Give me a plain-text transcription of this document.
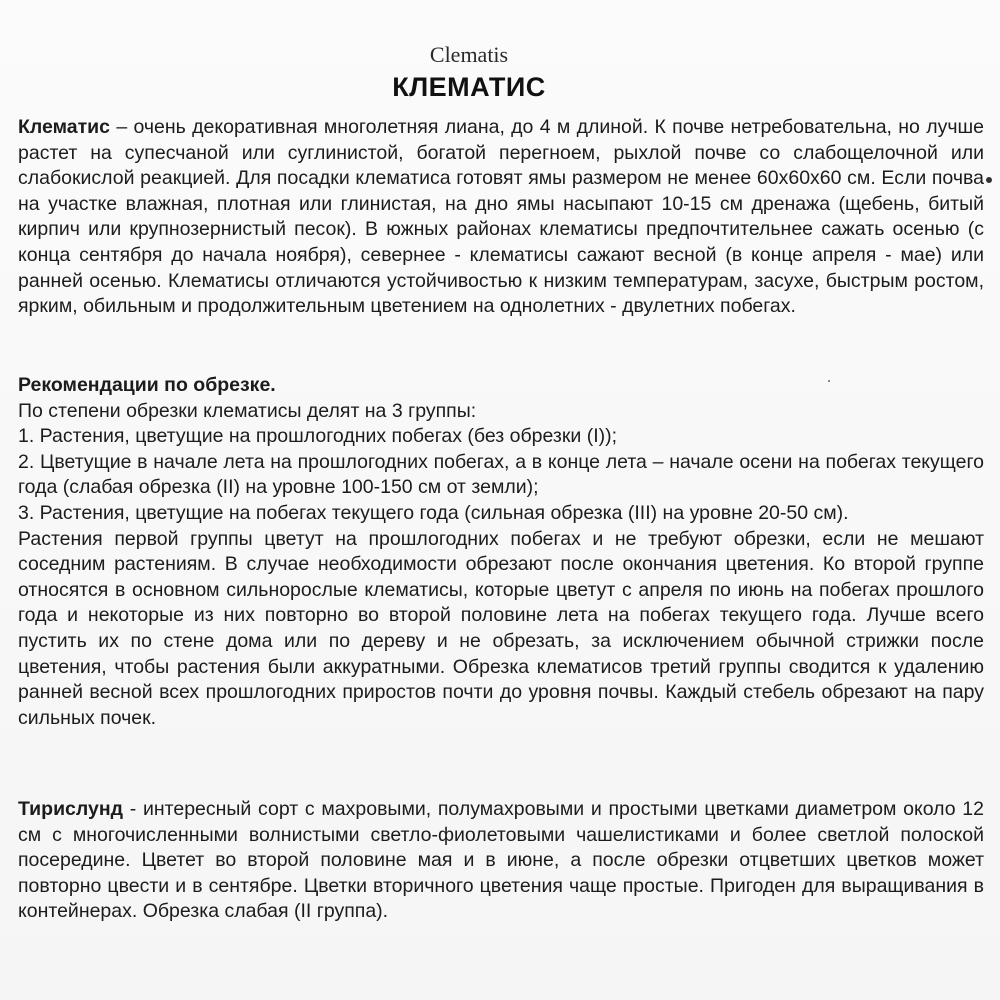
Clematis
КЛЕМАТИС
Клематис – очень декоративная многолетняя лиана, до 4 м длиной. К почве нетребовательна, но лучше растет на супесчаной или суглинистой, богатой перегноем, рыхлой почве со слабощелочной или слабокислой реакцией. Для посадки клематиса готовят ямы размером не менее 60х60х60 см. Если почва на участке влажная, плотная или глинистая, на дно ямы насыпают 10-15 см дренажа (щебень, битый кирпич или крупнозернистый песок). В южных районах клематисы предпочтительнее сажать осенью (с конца сентября до начала ноября), севернее - клематисы сажают весной (в конце апреля - мае) или ранней осенью. Клематисы отличаются устойчивостью к низким температурам, засухе, быстрым ростом, ярким, обильным и продолжительным цветением на однолетних - двулетних побегах.

Рекомендации по обрезке.

По степени обрезки клематисы делят на 3 группы:

1. Растения, цветущие на прошлогодних побегах (без обрезки (I));

2. Цветущие в начале лета на прошлогодних побегах, а в конце лета – начале осени на побегах текущего года (слабая обрезка (II) на уровне 100-150 см от земли);

3. Растения, цветущие на побегах текущего года (сильная обрезка (III) на уровне 20-50 см).

Растения первой группы цветут на прошлогодних побегах и не требуют обрезки, если не мешают соседним растениям. В случае необходимости обрезают после окончания цветения. Ко второй группе относятся в основном сильнорослые клематисы, которые цветут с апреля по июнь на побегах прошлого года и некоторые из них повторно во второй половине лета на побегах текущего года. Лучше всего пустить их по стене дома или по дереву и не обрезать, за исключением обычной стрижки после цветения, чтобы растения были аккуратными. Обрезка клематисов третий группы сводится к удалению ранней весной всех прошлогодних приростов почти до уровня почвы. Каждый стебель обрезают на пару сильных почек.

Тирислунд - интересный сорт с махровыми, полумахровыми и простыми цветками диаметром около 12 см с многочисленными волнистыми светло-фиолетовыми чашелистиками и более светлой полоской посередине. Цветет во второй половине мая и в июне, а после обрезки отцветших цветков может повторно цвести и в сентябре. Цветки вторичного цветения чаще простые. Пригоден для выращивания в контейнерах. Обрезка слабая (II группа).
